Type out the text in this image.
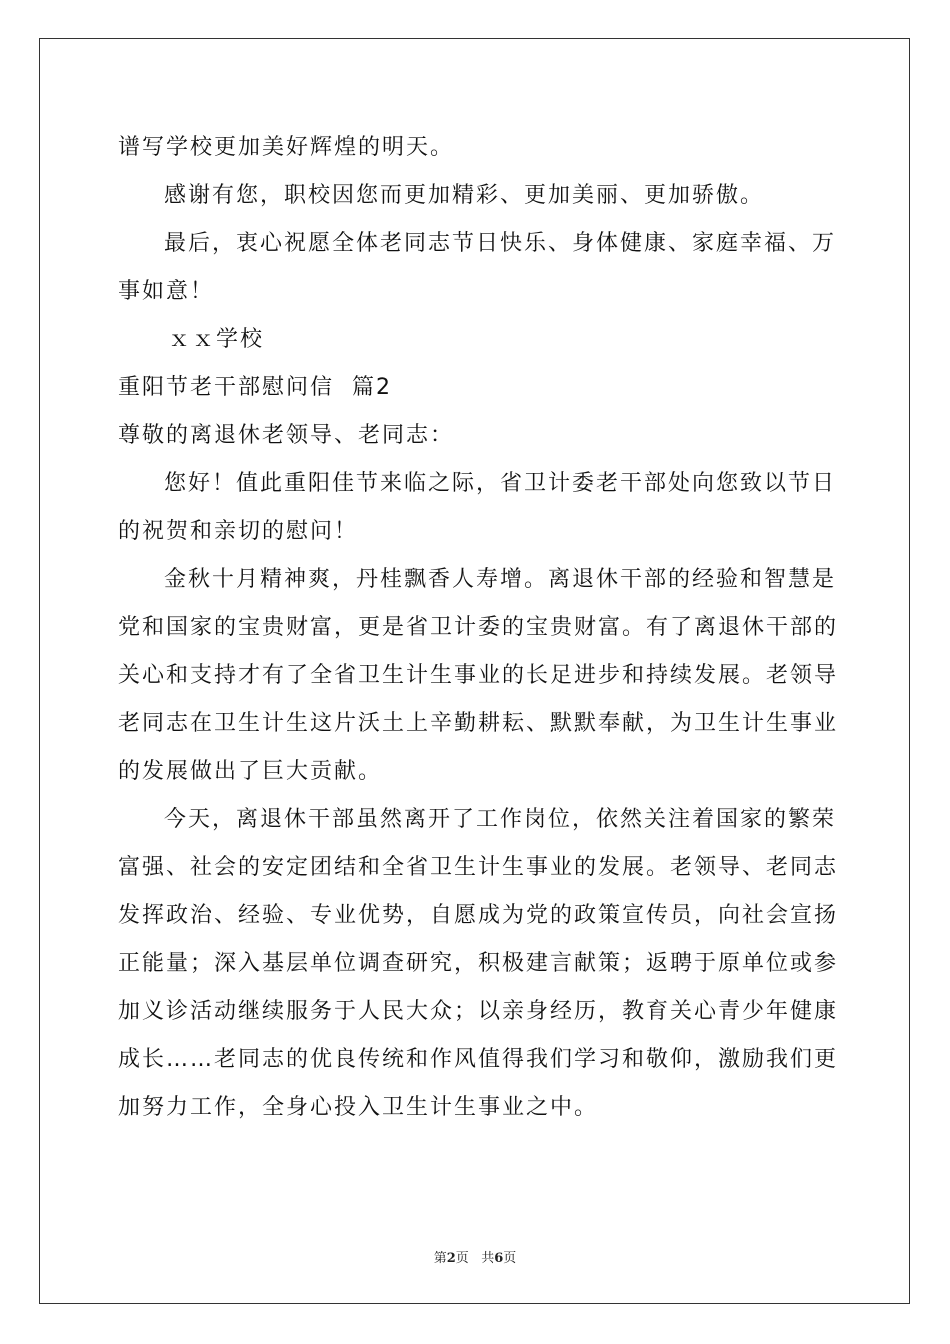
谱写学校更加美好辉煌的明天。
感谢有您，职校因您而更加精彩、更加美丽、更加骄傲。
最后，衷心祝愿全体老同志节日快乐、身体健康、家庭幸福、万
事如意！
ｘｘ学校
重阳节老干部慰问信  篇2
尊敬的离退休老领导、老同志：
您好！值此重阳佳节来临之际，省卫计委老干部处向您致以节日
的祝贺和亲切的慰问！
金秋十月精神爽，丹桂飘香人寿增。离退休干部的经验和智慧是
党和国家的宝贵财富，更是省卫计委的宝贵财富。有了离退休干部的
关心和支持才有了全省卫生计生事业的长足进步和持续发展。老领导
老同志在卫生计生这片沃土上辛勤耕耘、默默奉献，为卫生计生事业
的发展做出了巨大贡献。
今天，离退休干部虽然离开了工作岗位，依然关注着国家的繁荣
富强、社会的安定团结和全省卫生计生事业的发展。老领导、老同志
发挥政治、经验、专业优势，自愿成为党的政策宣传员，向社会宣扬
正能量；深入基层单位调查研究，积极建言献策；返聘于原单位或参
加义诊活动继续服务于人民大众；以亲身经历，教育关心青少年健康
成长……老同志的优良传统和作风值得我们学习和敬仰，激励我们更
加努力工作，全身心投入卫生计生事业之中。
第2页   共6页
